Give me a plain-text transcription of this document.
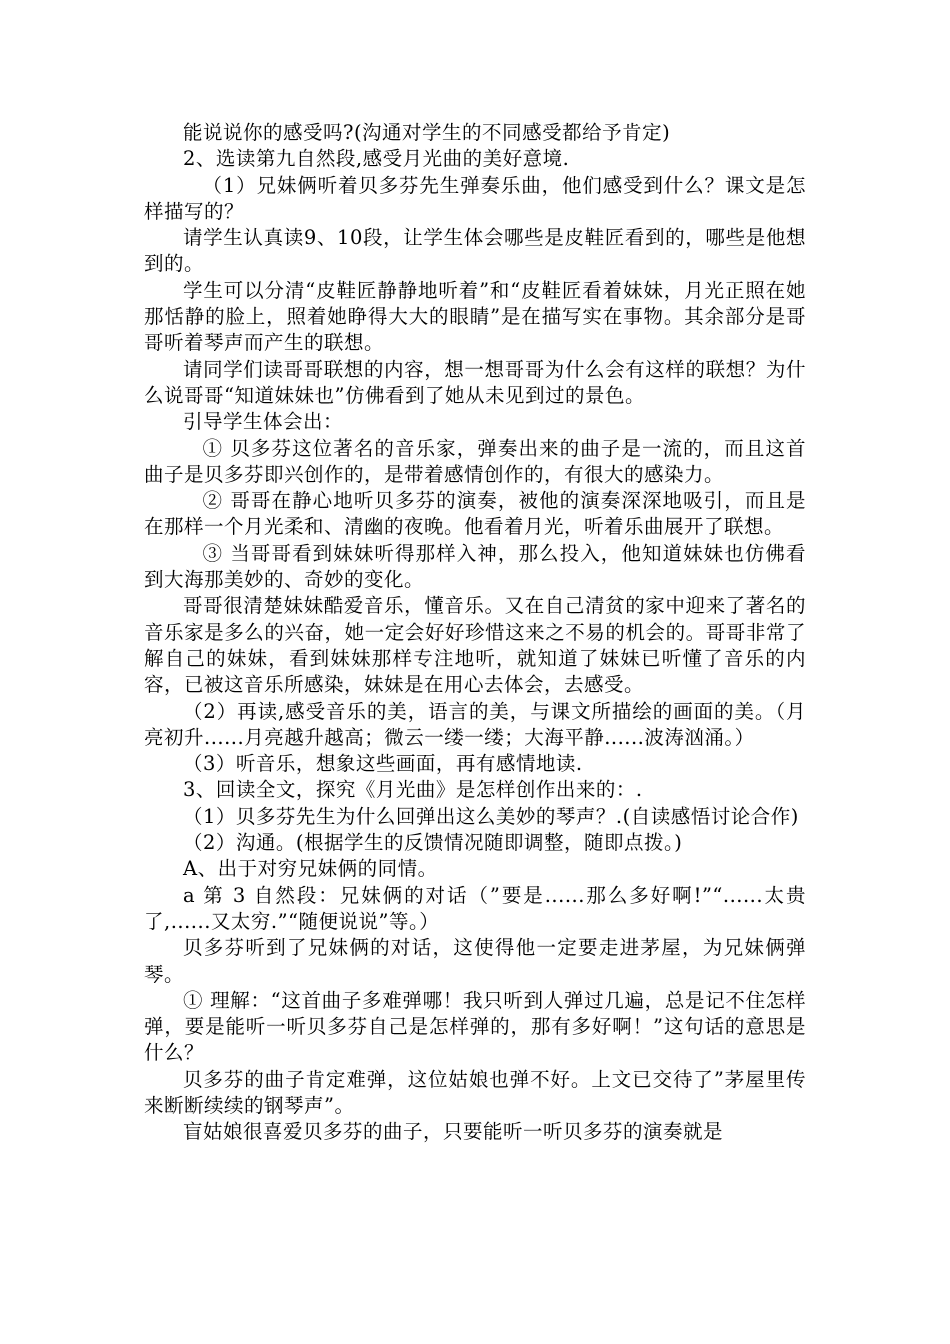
能说说你的感受吗?(沟通对学生的不同感受都给予肯定)

2、选读第九自然段,感受月光曲的美好意境.

（1）兄妹俩听着贝多芬先生弹奏乐曲，他们感受到什么？课文是怎样描写的？

请学生认真读9、10段，让学生体会哪些是皮鞋匠看到的，哪些是他想到的。

学生可以分清“皮鞋匠静静地听着”和“皮鞋匠看着妹妹，月光正照在她那恬静的脸上，照着她睁得大大的眼睛”是在描写实在事物。其余部分是哥哥听着琴声而产生的联想。

请同学们读哥哥联想的内容，想一想哥哥为什么会有这样的联想？为什么说哥哥“知道妹妹也”仿佛看到了她从未见到过的景色。

引导学生体会出：

① 贝多芬这位著名的音乐家，弹奏出来的曲子是一流的，而且这首曲子是贝多芬即兴创作的，是带着感情创作的，有很大的感染力。

② 哥哥在静心地听贝多芬的演奏，被他的演奏深深地吸引，而且是在那样一个月光柔和、清幽的夜晚。他看着月光，听着乐曲展开了联想。

③ 当哥哥看到妹妹听得那样入神，那么投入，他知道妹妹也仿佛看到大海那美妙的、奇妙的变化。

哥哥很清楚妹妹酷爱音乐，懂音乐。又在自己清贫的家中迎来了著名的音乐家是多么的兴奋，她一定会好好珍惜这来之不易的机会的。哥哥非常了解自己的妹妹，看到妹妹那样专注地听，就知道了妹妹已听懂了音乐的内容，已被这音乐所感染，妹妹是在用心去体会，去感受。

（2）再读,感受音乐的美，语言的美，与课文所描绘的画面的美。（月亮初升......月亮越升越高；微云一缕一缕；大海平静......波涛汹涌。）

（3）听音乐，想象这些画面，再有感情地读.

3、回读全文，探究《月光曲》是怎样创作出来的：.

（1）贝多芬先生为什么回弹出这么美妙的琴声？.(自读感悟讨论合作)

（2）沟通。(根据学生的反馈情况随即调整，随即点拨。)

A、出于对穷兄妹俩的同情。

a 第 3 自然段：兄妹俩的对话（”要是......那么多好啊!”“......太贵了,......又太穷.”“随便说说”等。）

贝多芬听到了兄妹俩的对话，这使得他一定要走进茅屋，为兄妹俩弹琴。

① 理解：“这首曲子多难弹哪！我只听到人弹过几遍，总是记不住怎样弹，要是能听一听贝多芬自己是怎样弹的，那有多好啊！”这句话的意思是什么？

贝多芬的曲子肯定难弹，这位姑娘也弹不好。上文已交待了”茅屋里传来断断续续的钢琴声”。

盲姑娘很喜爱贝多芬的曲子，只要能听一听贝多芬的演奏就是
